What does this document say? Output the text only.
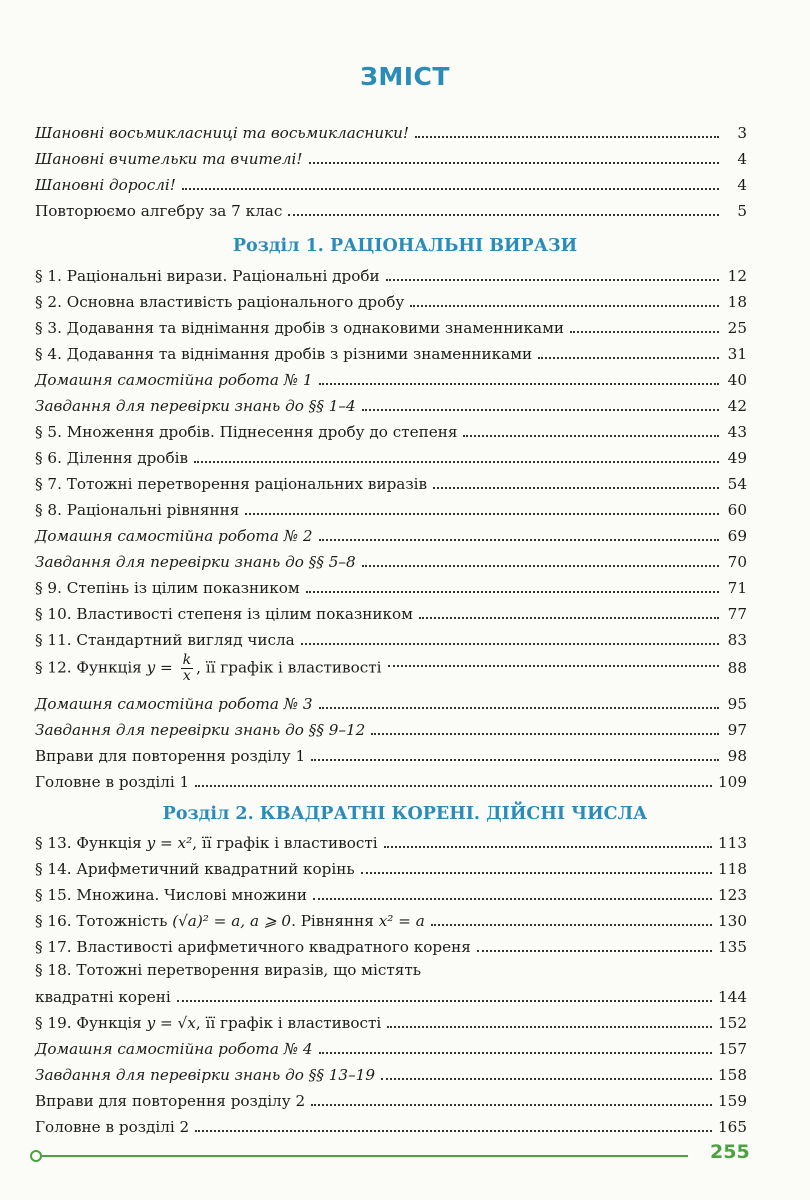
ЗМІСТ
Шановні восьмикласниці та восьмикласники!	3
Шановні вчительки та вчителі!	4
Шановні дорослі!	4
Повторюємо алгебру за 7 клас	5
Розділ 1. РАЦІОНАЛЬНІ ВИРАЗИ
§ 1. Раціональні вирази. Раціональні дроби	12
§ 2. Основна властивість раціонального дробу	18
§ 3. Додавання та віднімання дробів з однаковими знаменниками	25
§ 4. Додавання та віднімання дробів з різними знаменниками	31
Домашня самостійна робота № 1	40
Завдання для перевірки знань до §§ 1–4	42
§ 5. Множення дробів. Піднесення дробу до степеня	43
§ 6. Ділення дробів	49
§ 7. Тотожні перетворення раціональних виразів	54
§ 8. Раціональні рівняння	60
Домашня самостійна робота № 2	69
Завдання для перевірки знань до §§ 5–8	70
§ 9. Степінь із цілим показником	71
§ 10. Властивості степеня із цілим показником	77
§ 11. Стандартний вигляд числа	83
§ 12. Функція $y = \frac{k}{x}$ , її графік і властивості	88
Домашня самостійна робота № 3	95
Завдання для перевірки знань до §§ 9–12	97
Вправи для повторення розділу 1	98
Головне в розділі 1	109
Розділ 2. КВАДРАТНІ КОРЕНІ. ДІЙСНІ ЧИСЛА
§ 13. Функція y = x², її графік і властивості	113
§ 14. Арифметичний квадратний корінь	118
§ 15. Множина. Числові множини	123
§ 16. Тотожність (√a)² = a, a ⩾ 0. Рівняння x² = a	130
§ 17. Властивості арифметичного квадратного кореня	135
§ 18. Тотожні перетворення виразів, що містять
квадратні корені	144
§ 19. Функція y = √x, її графік і властивості	152
Домашня самостійна робота № 4	157
Завдання для перевірки знань до §§ 13–19	158
Вправи для повторення розділу 2	159
Головне в розділі 2	165
255
